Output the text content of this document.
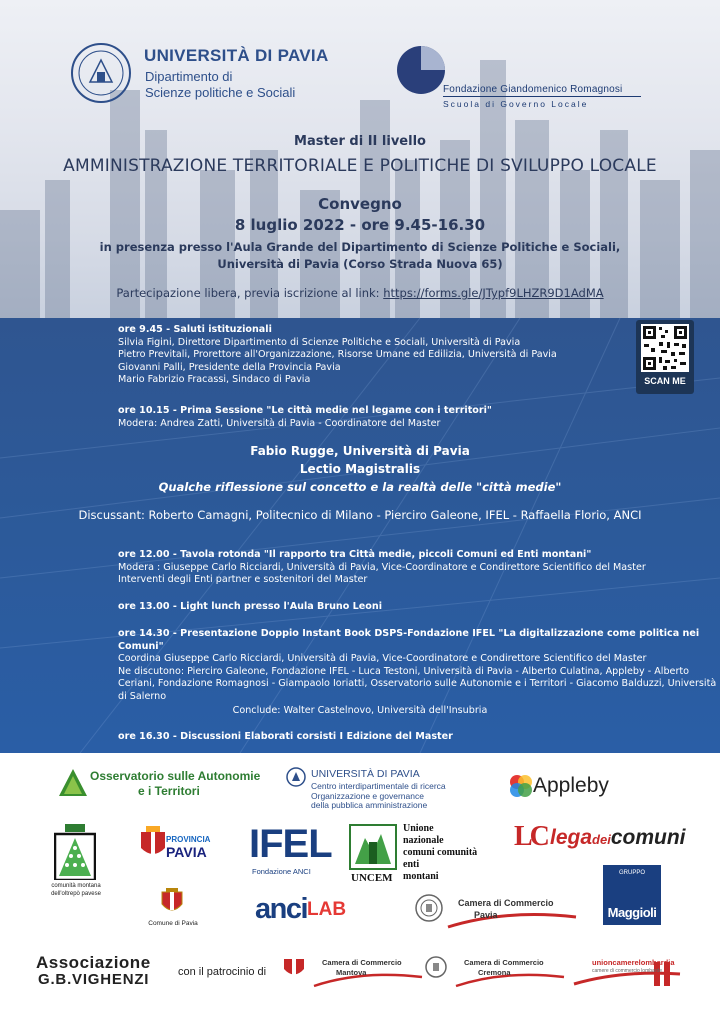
UNIVERSITÀ DI PAVIA
Dipartimento di
Scienze politiche e Sociali	Fondazione Giandomenico Romagnosi
Scuola di Governo Locale
Master di II livello
AMMINISTRAZIONE TERRITORIALE E POLITICHE DI SVILUPPO LOCALE
Convegno
8 luglio 2022 - ore 9.45-16.30
in presenza presso l'Aula Grande del Dipartimento di Scienze Politiche e Sociali,
Università di Pavia (Corso Strada Nuova 65)
Partecipazione libera, previa iscrizione al link: https://forms.gle/JTypf9LHZR9D1AdMA
SCAN ME
ore 9.45 - Saluti istituzionali
Silvia Figini, Direttore Dipartimento di Scienze Politiche e Sociali, Università di Pavia
Pietro Previtali, Prorettore all'Organizzazione, Risorse Umane ed Edilizia, Università di Pavia
Giovanni Palli, Presidente della Provincia Pavia
Mario Fabrizio Fracassi, Sindaco di Pavia
ore 10.15 - Prima Sessione "Le città medie nel legame con i territori"
Modera: Andrea Zatti, Università di Pavia - Coordinatore del Master
Fabio Rugge, Università di Pavia
Lectio Magistralis
Qualche riflessione sul concetto e la realtà delle "città medie"
Discussant: Roberto Camagni, Politecnico di Milano - Pierciro Galeone, IFEL - Raffaella Florio, ANCI
ore 12.00 - Tavola rotonda "Il rapporto tra Città medie, piccoli Comuni ed Enti montani"
Modera : Giuseppe Carlo Ricciardi, Università di Pavia, Vice-Coordinatore e Condirettore Scientifico del Master
Interventi degli Enti partner e sostenitori del Master
ore 13.00 - Light lunch presso l'Aula Bruno Leoni
ore 14.30 - Presentazione Doppio Instant Book DSPS-Fondazione IFEL "La digitalizzazione come politica nei Comuni"
Coordina Giuseppe Carlo Ricciardi, Università di Pavia, Vice-Coordinatore e Condirettore Scientifico del Master
Ne discutono: Pierciro Galeone, Fondazione IFEL - Luca Testoni, Università di Pavia - Alberto Culatina, Appleby - Alberto
Ceriani, Fondazione Romagnosi - Giampaolo Ioriatti, Osservatorio sulle Autonomie e i Territori - Giacomo Balduzzi, Università
di Salerno
Conclude: Walter Castelnovo, Università dell'Insubria
ore 16.30 - Discussioni Elaborati corsisti I Edizione del Master
Osservatorio sulle Autonomie
e i Territori
UNIVERSITÀ DI PAVIA
Centro interdipartimentale di ricerca
Organizzazione e governance
della pubblica amministrazione
Appleby
comunità montana
dell'oltrepò pavese
PROVINCIA
PAVIA IFEL
Fondazione ANCI
UNCEM
Unione
nazionale
comuni comunità
enti
montani
LC legadeicomuni
GRUPPO
Maggioli
Comune di Pavia anci LAB	Camera di Commercio
Pavia
Associazione
G.B.VIGHENZI	con il patrocinio di
Camera di Commercio
Mantova
Camera di Commercio
Cremona
unioncamerelombardia
camere di commercio lombarde
